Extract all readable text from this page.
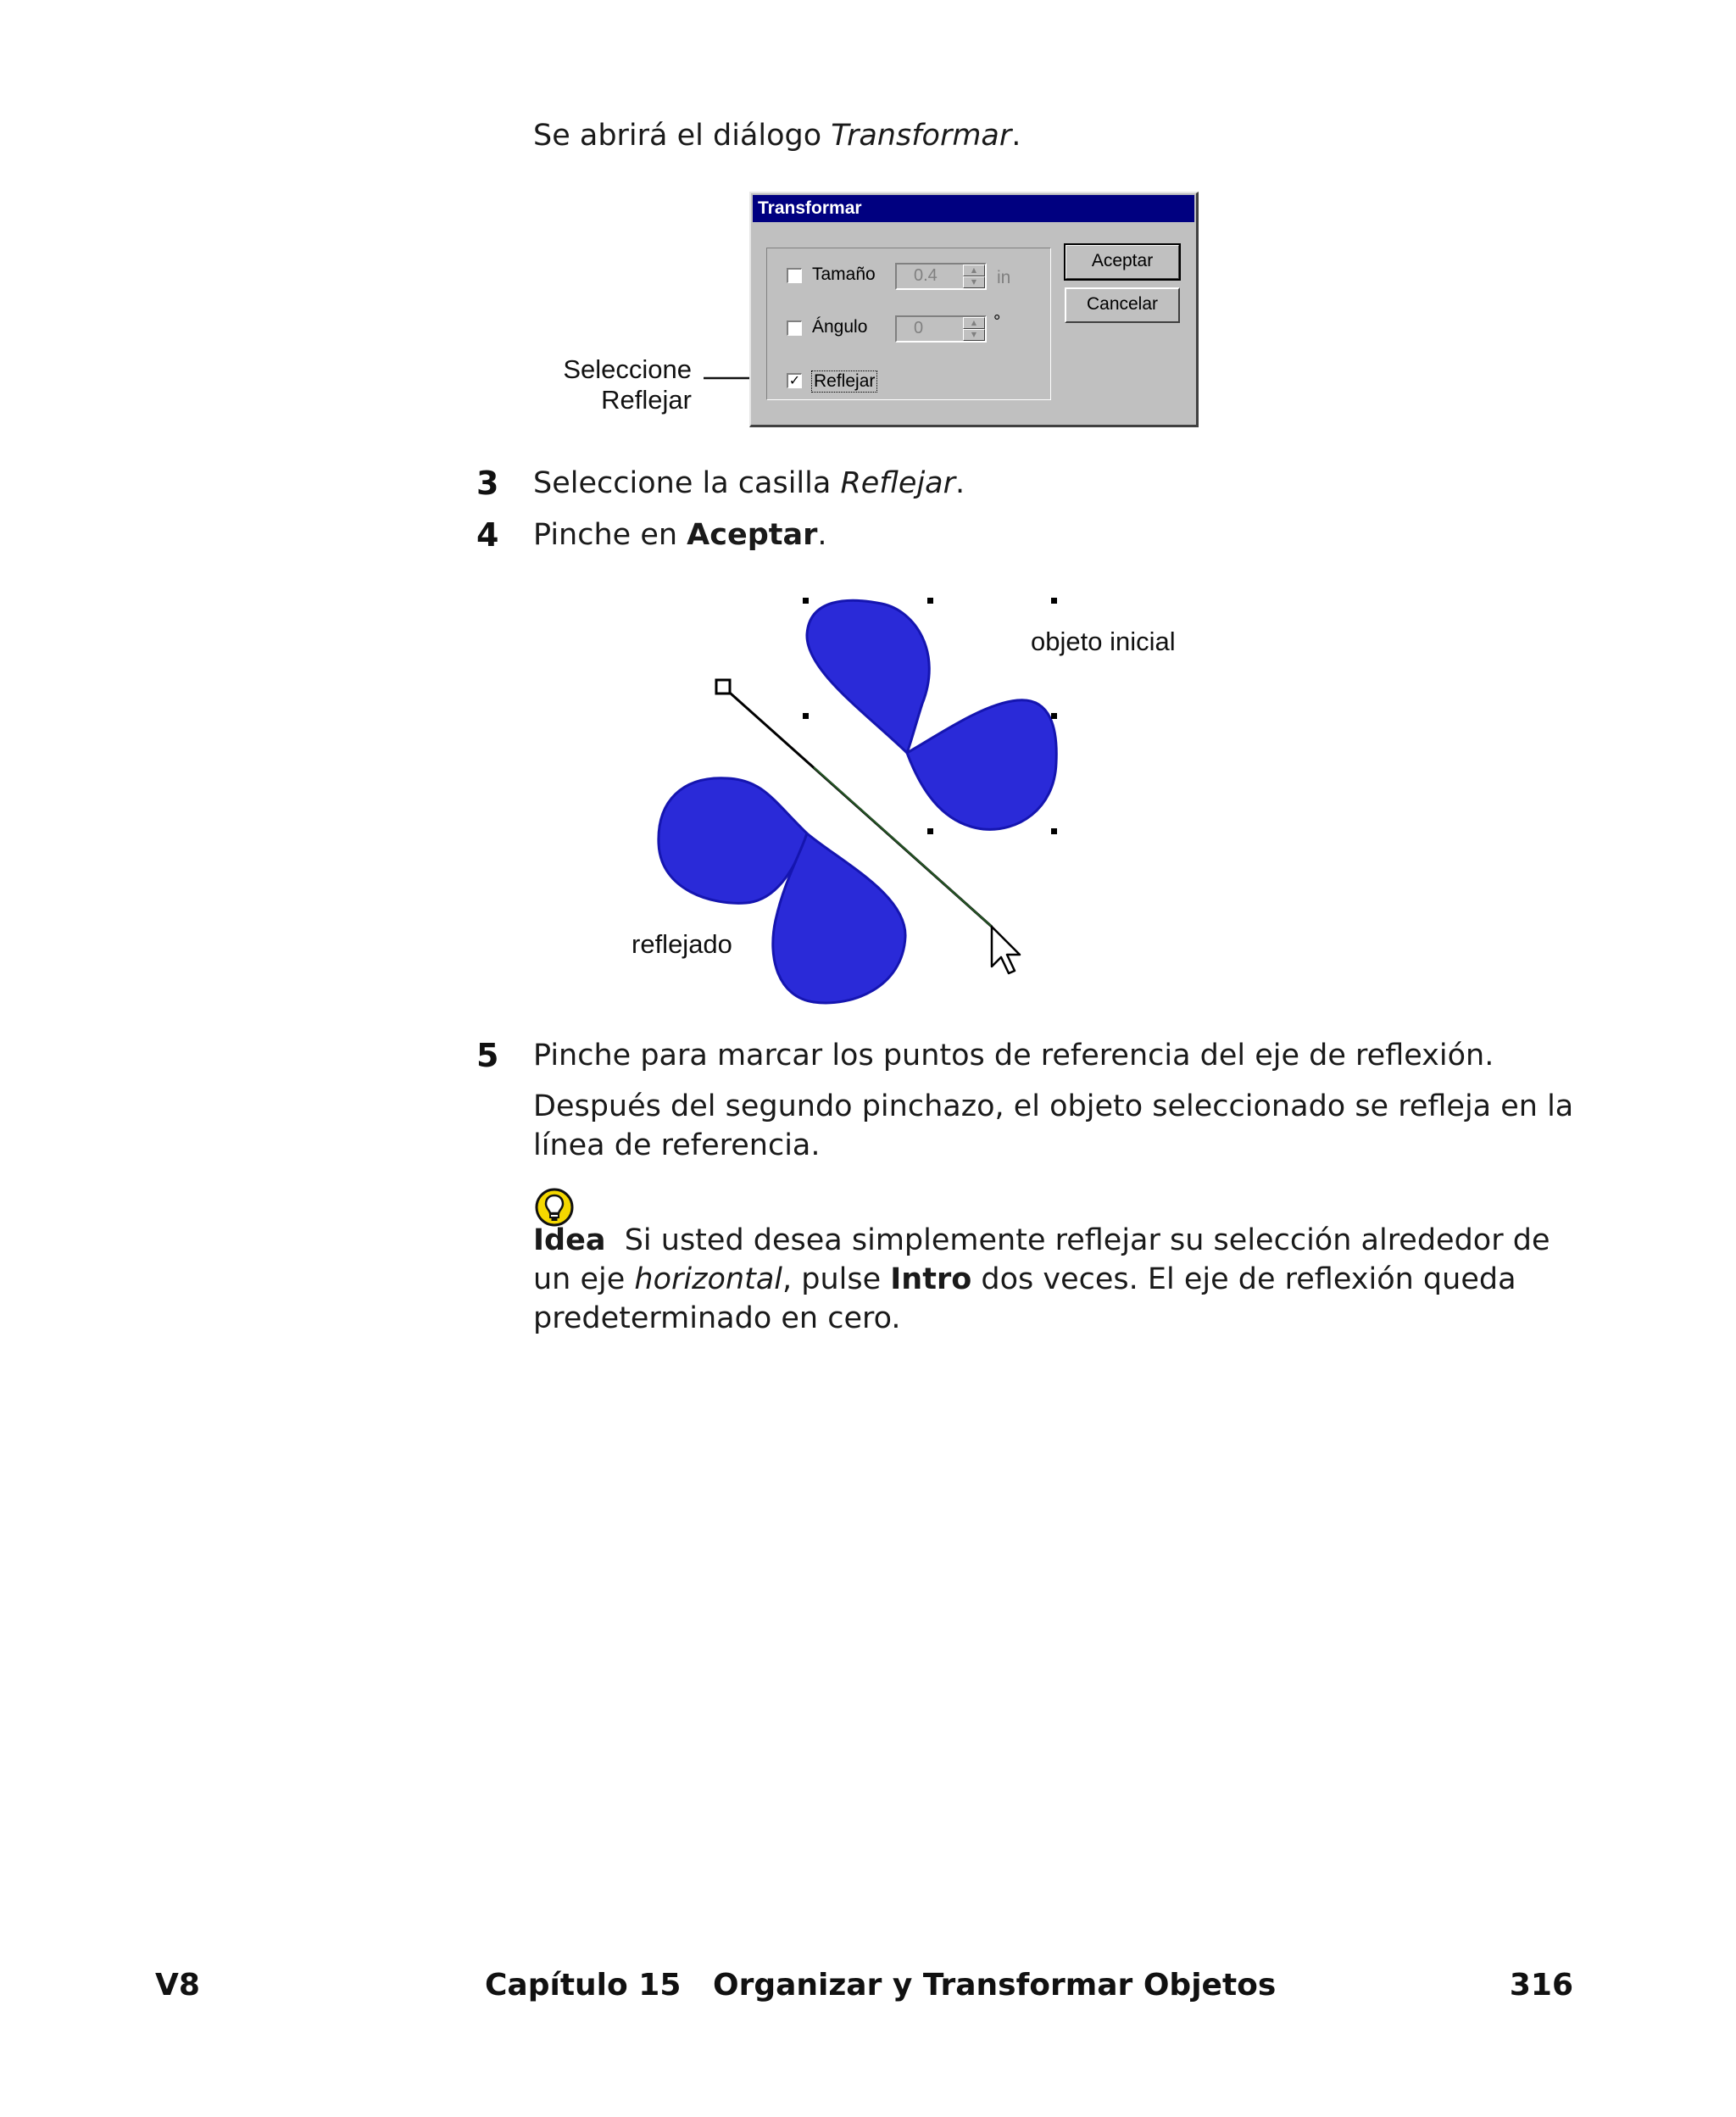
Se abrirá el diálogo Transformar.
Seleccione
Reflejar
Transformar
Tamaño 0.4	▲
▼	in
Ángulo	0	▲
▼
°
✓ Reflejar
Aceptar
Cancelar
3 Seleccione la casilla Reflejar.
4 Pinche en Aceptar.
objeto inicial
reflejado
5 Pinche para marcar los puntos de referencia del eje de reflexión.
Después del segundo pinchazo, el objeto seleccionado se refleja en la línea de referencia.
Idea Si usted desea simplemente reflejar su selección alrededor de un eje horizontal, pulse Intro dos veces. El eje de reflexión queda predeterminado en cero.
V8	Capítulo 15   Organizar y Transformar Objetos	316
